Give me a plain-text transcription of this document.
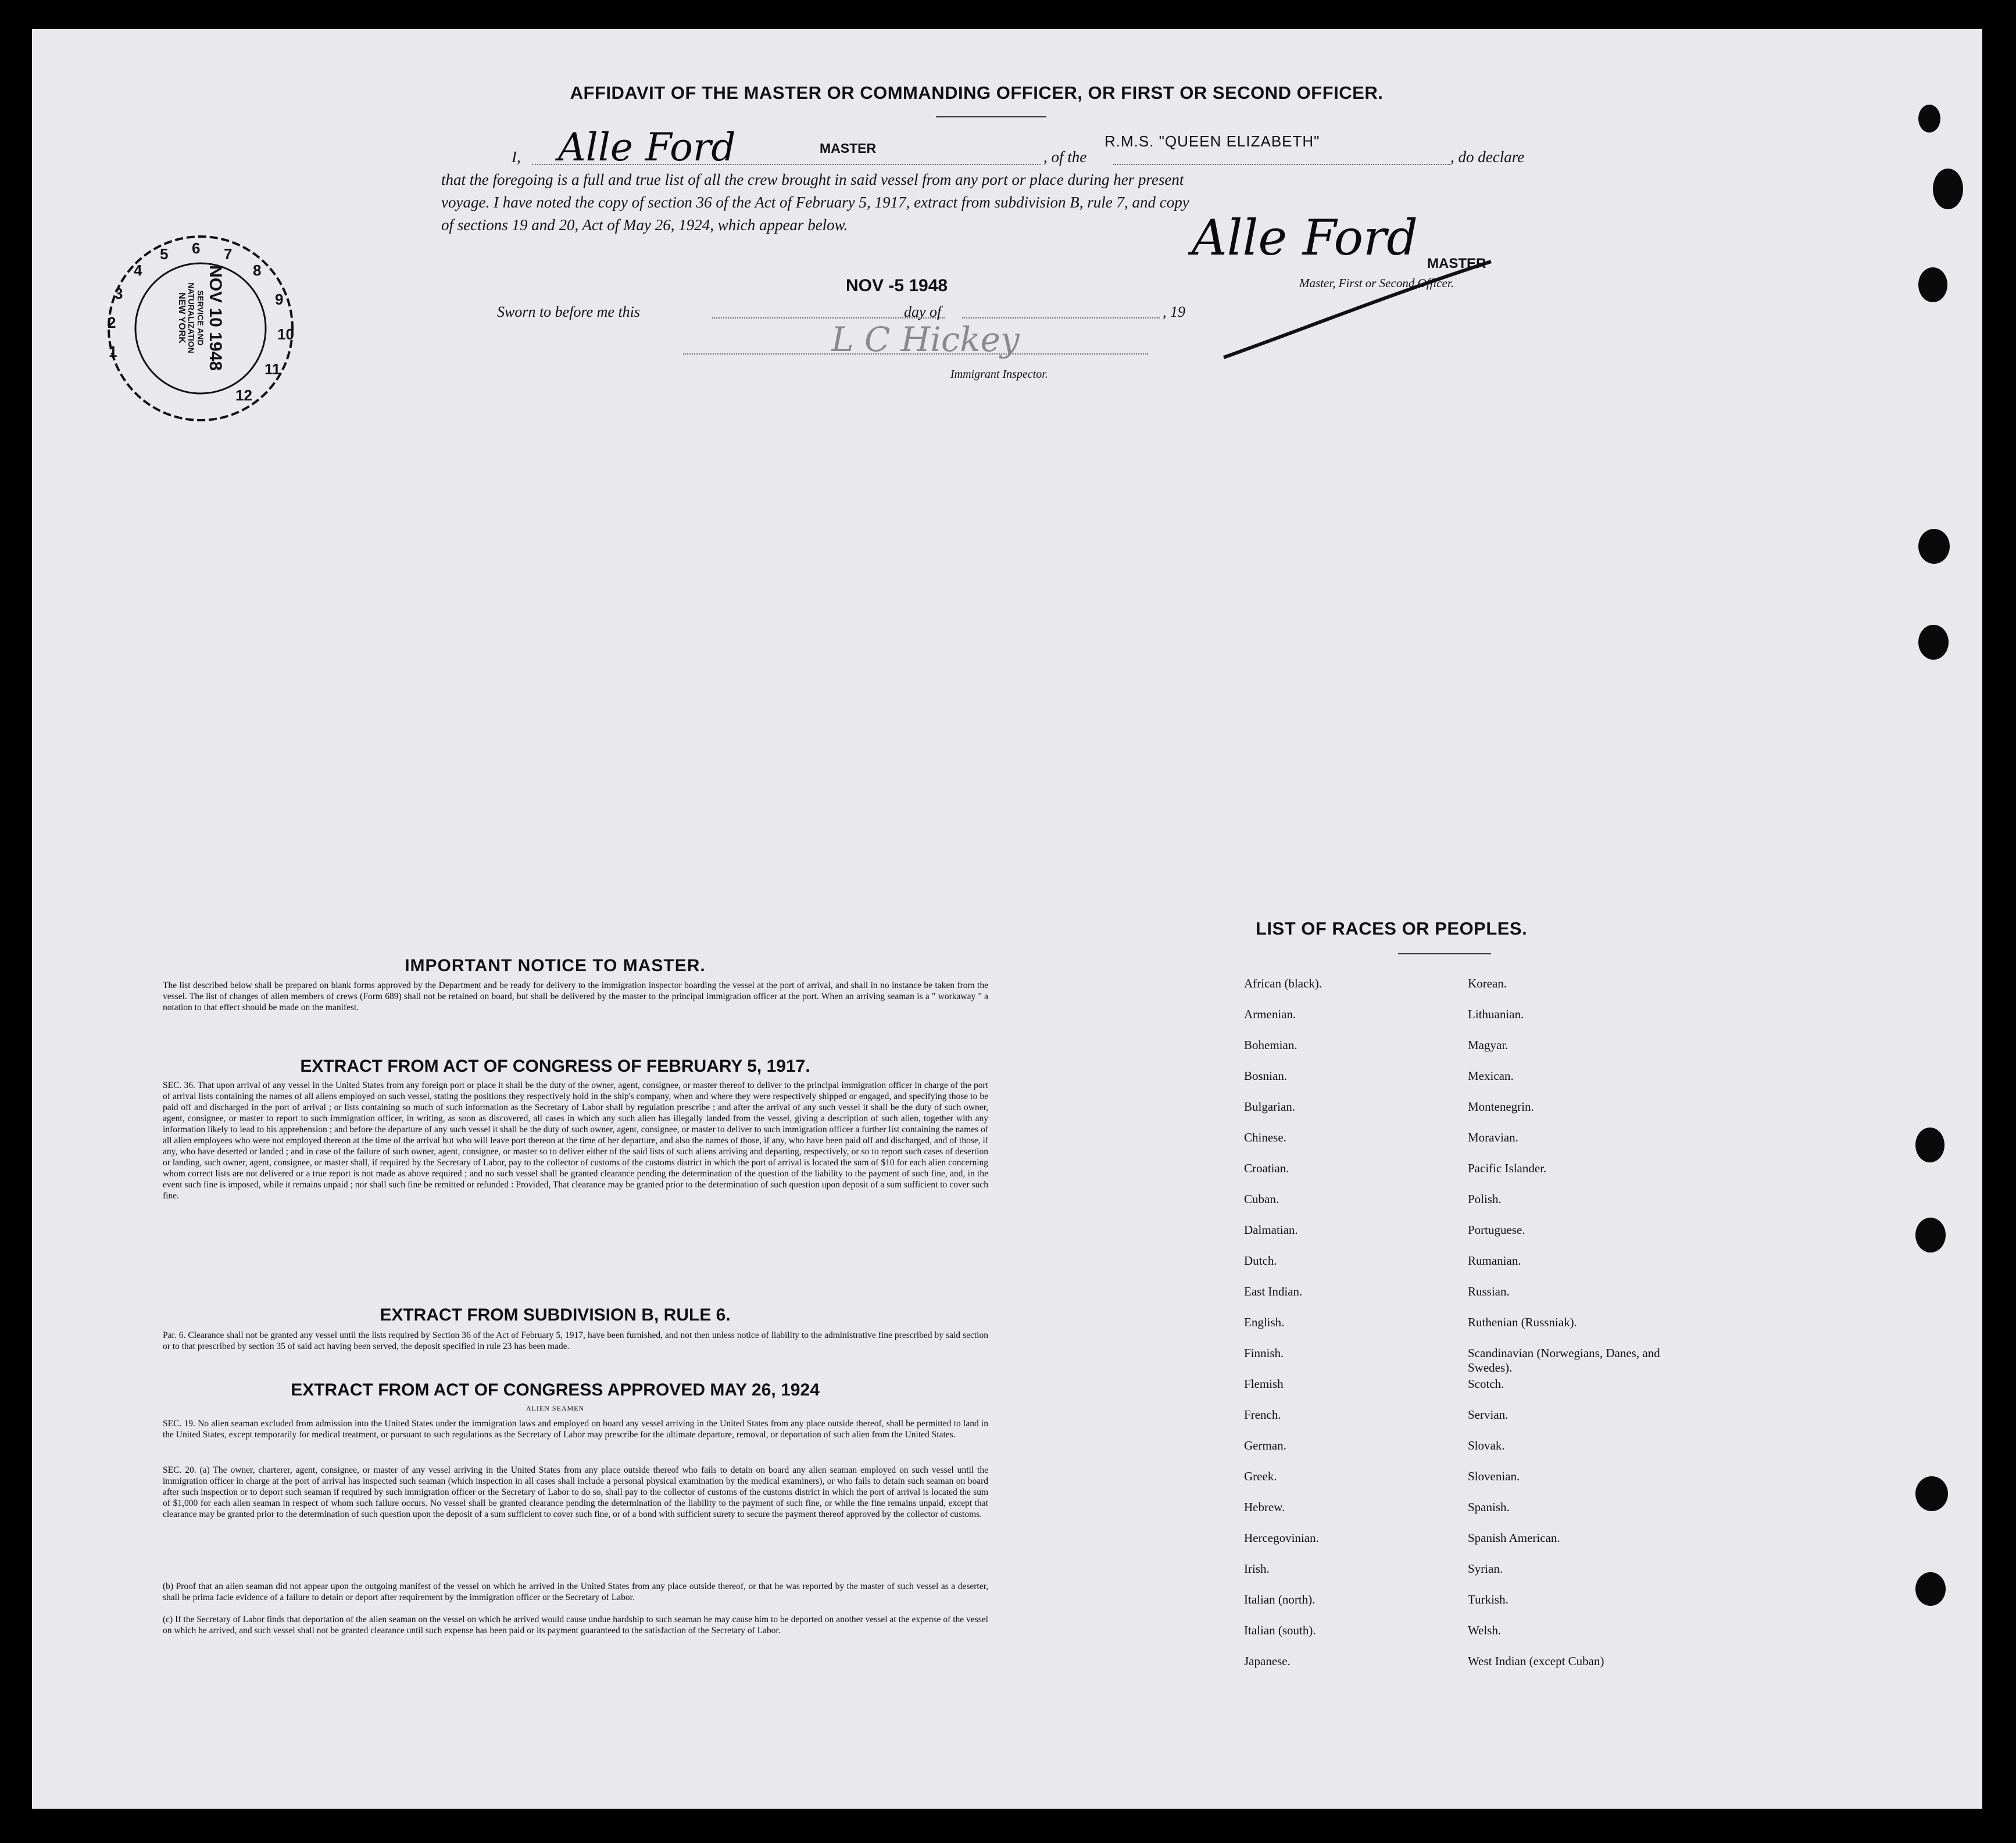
AFFIDAVIT OF THE MASTER OR COMMANDING OFFICER, OR FIRST OR SECOND OFFICER.
I, Alle Ford	MASTER	, of the
R.M.S. "QUEEN ELIZABETH"
, do declare
that the foregoing is a full and true list of all the crew brought in said vessel from any port or place during her present
voyage. I have noted the copy of section 36 of the Act of February 5, 1917, extract from subdivision B, rule 7, and copy
of sections 19 and 20, Act of May 26, 1924, which appear below.	Alle Ford MASTER
Master, First or Second Officer.
Sworn to before me this
NOV -5 1948
day of	, 19
L C Hickey
Immigrant Inspector.
1
2
3
4
5 6 7
8
9
10
11
12
NOV 10 1948
SERVICE AND NATURALIZATION
NEW YORK
IMPORTANT NOTICE TO MASTER.
The list described below shall be prepared on blank forms approved by the Department and be ready for delivery to the immigration inspector boarding the vessel at the port of arrival, and shall in no instance be taken from the vessel. The list of changes of alien members of crews (Form 689) shall not be retained on board, but shall be delivered by the master to the principal immigration officer at the port. When an arriving seaman is a " workaway " a notation to that effect should be made on the manifest.
EXTRACT FROM ACT OF CONGRESS OF FEBRUARY 5, 1917.
SEC. 36. That upon arrival of any vessel in the United States from any foreign port or place it shall be the duty of the owner, agent, consignee, or master thereof to deliver to the principal immigration officer in charge of the port of arrival lists containing the names of all aliens employed on such vessel, stating the positions they respectively hold in the ship's company, when and where they were respectively shipped or engaged, and specifying those to be paid off and discharged in the port of arrival ; or lists containing so much of such information as the Secretary of Labor shall by regulation prescribe ; and after the arrival of any such vessel it shall be the duty of such owner, agent, consignee, or master to report to such immigration officer, in writing, as soon as discovered, all cases in which any such alien has illegally landed from the vessel, giving a description of such alien, together with any information likely to lead to his apprehension ; and before the departure of any such vessel it shall be the duty of such owner, agent, consignee, or master to deliver to such immigration officer a further list containing the names of all alien employees who were not employed thereon at the time of the arrival but who will leave port thereon at the time of her departure, and also the names of those, if any, who have been paid off and discharged, and of those, if any, who have deserted or landed ; and in case of the failure of such owner, agent, consignee, or master so to deliver either of the said lists of such aliens arriving and departing, respectively, or so to report such cases of desertion or landing, such owner, agent, consignee, or master shall, if required by the Secretary of Labor, pay to the collector of customs of the customs district in which the port of arrival is located the sum of $10 for each alien concerning whom correct lists are not delivered or a true report is not made as above required ; and no such vessel shall be granted clearance pending the determination of the question of the liability to the payment of such fine, and, in the event such fine is imposed, while it remains unpaid ; nor shall such fine be remitted or refunded : Provided, That clearance may be granted prior to the determination of such question upon deposit of a sum sufficient to cover such fine.
EXTRACT FROM SUBDIVISION B, RULE 6.
Par. 6. Clearance shall not be granted any vessel until the lists required by Section 36 of the Act of February 5, 1917, have been furnished, and not then unless notice of liability to the administrative fine prescribed by said section or to that prescribed by section 35 of said act having been served, the deposit specified in rule 23 has been made.
EXTRACT FROM ACT OF CONGRESS APPROVED MAY 26, 1924
ALIEN SEAMEN
SEC. 19. No alien seaman excluded from admission into the United States under the immigration laws and employed on board any vessel arriving in the United States from any place outside thereof, shall be permitted to land in the United States, except temporarily for medical treatment, or pursuant to such regulations as the Secretary of Labor may prescribe for the ultimate departure, removal, or deportation of such alien from the United States.
SEC. 20. (a) The owner, charterer, agent, consignee, or master of any vessel arriving in the United States from any place outside thereof who fails to detain on board any alien seaman employed on such vessel until the immigration officer in charge at the port of arrival has inspected such seaman (which inspection in all cases shall include a personal physical examination by the medical examiners), or who fails to detain such seaman on board after such inspection or to deport such seaman if required by such immigration officer or the Secretary of Labor to do so, shall pay to the collector of customs of the customs district in which the port of arrival is located the sum of $1,000 for each alien seaman in respect of whom such failure occurs. No vessel shall be granted clearance pending the determination of the liability to the payment of such fine, or while the fine remains unpaid, except that clearance may be granted prior to the determination of such question upon the deposit of a sum sufficient to cover such fine, or of a bond with sufficient surety to secure the payment thereof approved by the collector of customs.
(b) Proof that an alien seaman did not appear upon the outgoing manifest of the vessel on which he arrived in the United States from any place outside thereof, or that he was reported by the master of such vessel as a deserter, shall be prima facie evidence of a failure to detain or deport after requirement by the immigration officer or the Secretary of Labor.
(c) If the Secretary of Labor finds that deportation of the alien seaman on the vessel on which he arrived would cause undue hardship to such seaman he may cause him to be deported on another vessel at the expense of the vessel on which he arrived, and such vessel shall not be granted clearance until such expense has been paid or its payment guaranteed to the satisfaction of the Secretary of Labor.
LIST OF RACES OR PEOPLES.
African (black).	Korean.
Armenian.	Lithuanian.
Bohemian.	Magyar.
Bosnian.	Mexican.
Bulgarian.	Montenegrin.
Chinese.	Moravian.
Croatian.	Pacific Islander.
Cuban.	Polish.
Dalmatian.	Portuguese.
Dutch.	Rumanian.
East Indian.	Russian.
English.	Ruthenian (Russniak).
Finnish.	Scandinavian (Norwegians, Danes, and Swedes).
Flemish	Scotch.
French.	Servian.
German.	Slovak.
Greek.	Slovenian.
Hebrew.	Spanish.
Hercegovinian.	Spanish American.
Irish.	Syrian.
Italian (north).	Turkish.
Italian (south).	Welsh.
Japanese.	West Indian (except Cuban)
